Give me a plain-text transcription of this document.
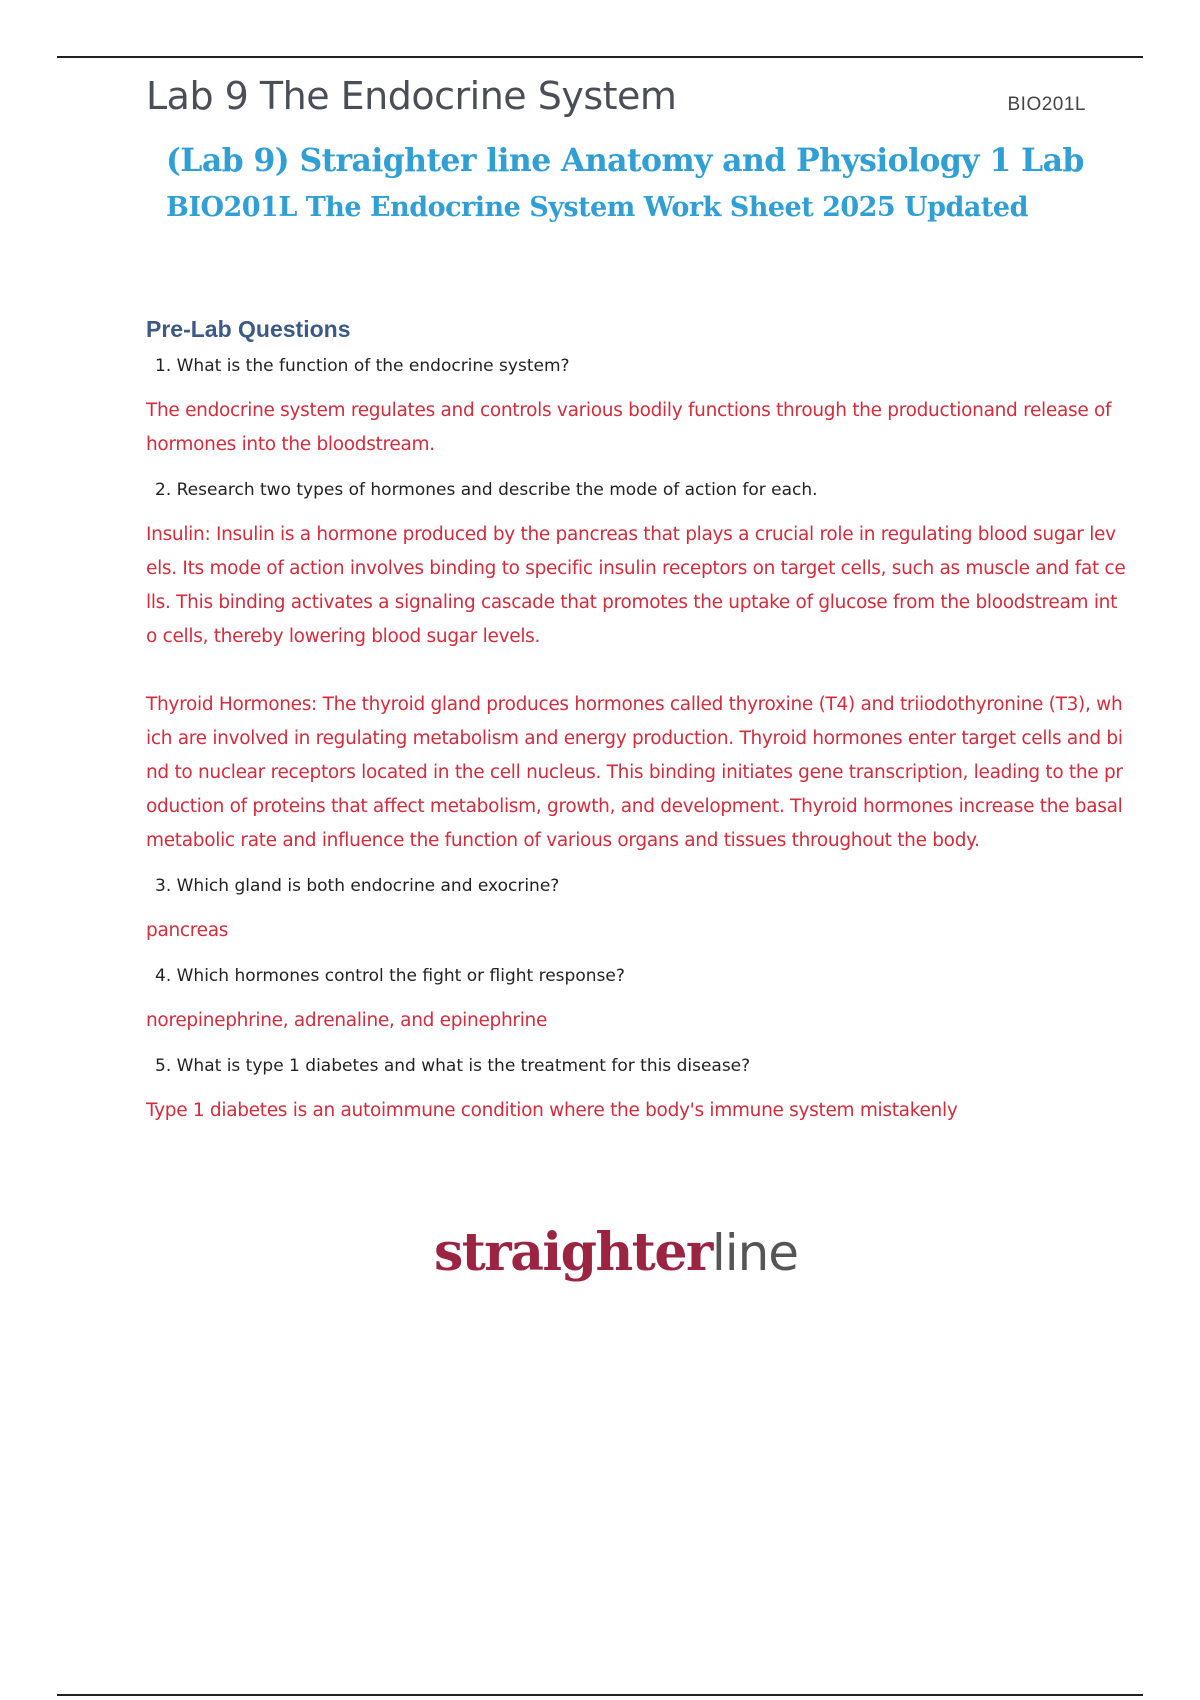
Lab 9 The Endocrine System	BIO201L
(Lab 9) Straighter line Anatomy and Physiology 1 Lab
BIO201L The Endocrine System Work Sheet 2025 Updated
Pre-Lab Questions
1. What is the function of the endocrine system?
The endocrine system regulates and controls various bodily functions through the productionand release of hormones into the bloodstream.
2. Research two types of hormones and describe the mode of action for each.
Insulin: Insulin is a hormone produced by the pancreas that plays a crucial role in regulating blood sugar levels. Its mode of action involves binding to specific insulin receptors on target cells, such as muscle and fat cells. This binding activates a signaling cascade that promotes the uptake of glucose from the bloodstream into cells, thereby lowering blood sugar levels.
Thyroid Hormones: The thyroid gland produces hormones called thyroxine (T4) and triiodothyronine (T3), which are involved in regulating metabolism and energy production. Thyroid hormones enter target cells and bind to nuclear receptors located in the cell nucleus. This binding initiates gene transcription, leading to the production of proteins that affect metabolism, growth, and development. Thyroid hormones increase the basal metabolic rate and influence the function of various organs and tissues throughout the body.
3. Which gland is both endocrine and exocrine?
pancreas
4. Which hormones control the fight or flight response?
norepinephrine, adrenaline, and epinephrine
5. What is type 1 diabetes and what is the treatment for this disease?
Type 1 diabetes is an autoimmune condition where the body's immune system mistakenly
straighterline
